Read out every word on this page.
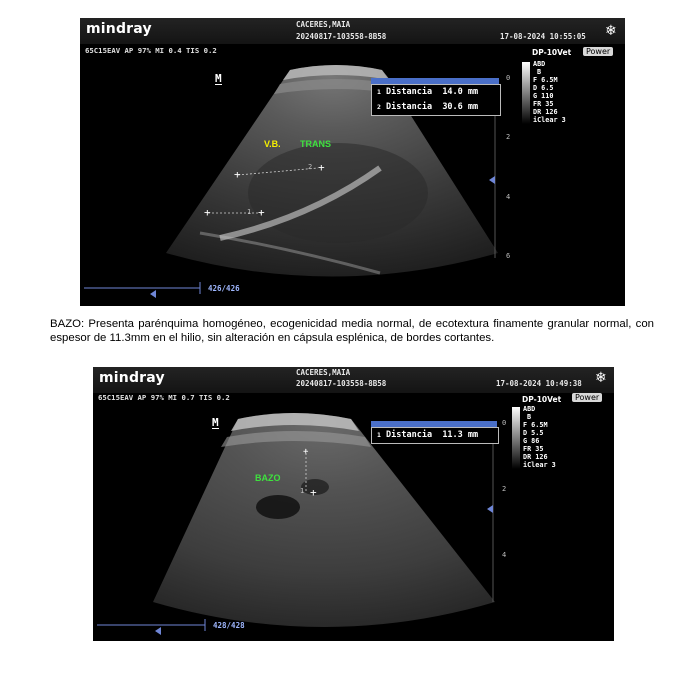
+	+
+
+
mindray	CACERES,MAIA
20240817-103558-8B58	17-08-2024 10:55:05 ❄
65C15EAV AP 97% MI 0.4 TIS 0.2	DP-10Vet	Power
ABD
B
F 6.5M
D 6.5
G 110
FR 35
DR 126
iClear 3
M
1 Distancia 14.0 mm
2 Distancia 30.6 mm
V.B. TRANS
1
2
0
2
4
6
426/426
BAZO: Presenta parénquima homogéneo, ecogenicidad media normal, de ecotextura finamente granular normal, con espesor de 11.3mm en el hilio, sin alteración en cápsula esplénica, de bordes cortantes.
+
+
mindray	CACERES,MAIA
20240817-103558-8B58	17-08-2024 10:49:38 ❄
65C15EAV AP 97% MI 0.7 TIS 0.2	DP-10Vet	Power
ABD
B
F 6.5M
D 5.5
G 86
FR 35
DR 126
iClear 3
M
1 Distancia 11.3 mm
BAZO
1
0
2
4
428/428
